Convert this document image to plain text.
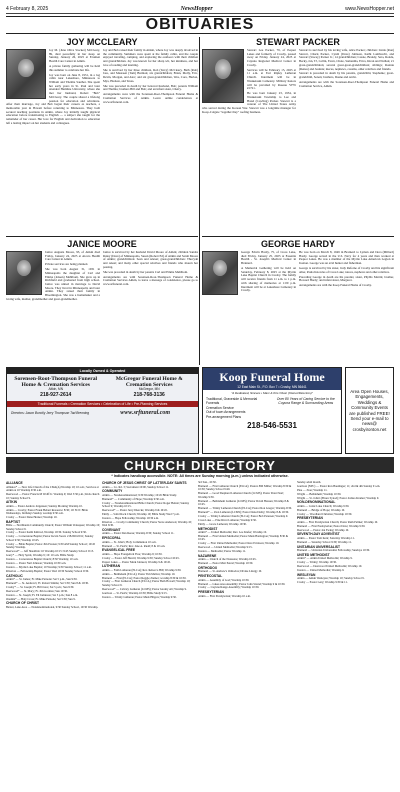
4 February 8, 2025	NewsHopper	www.NewsHopper.net
OBITUARIES
JOY MCCLEARY

Joy M. (June Olive Stocker) McCleary, 89, died peacefully in her sleep on Sunday, January 26, 2025 at Ecumen Health Care Center in Aitkin.

A private family gathering will be held this summer to celebrate her life.

Joy was born on June 8, 1931, in a log cabin near Lakeshore, Minnesota to William and Thelma Sauther. She spent her early years in St. Paul and later attended Hamline University, where she met her husband, Robert "Bob" McCleary. The couple shared a lifelong passion for education and adventure. After their marriage, Joy and Bob began their careers as teachers, a memorable year in Hawaii before returning to Minnesota. They both secured teaching positions in Aitkin, where Joy initially taught physical education before transitioning to English — a subject she taught for the remainder of her career. Her love for English and dedication to education left a lasting impact on her students and colleagues.

Joy and Bob raised their family in Aitkin, where Joy was deeply involved in the community. Summers were spent at the family cabin, and the couple enjoyed traveling, camping, and exploring the outdoors with their children and grandchildren. Joy was known for her sharp wit, her kindness, and her love of reading and learning.

She is survived by her three children, Rob (Terry) McCleary, Beth (Rob) Jaro, and Maureen (Tom) Burman; six grandchildren; Brian, Molly, Eric, Devin, Morgan, and Alec; and six great-grandchildren, Wes, Cora, Harlon, Mya, Hudson, and Tessa.

She was preceded in death by her beloved husband, Bob; parents William and Thelma; brothers Bill and Bob; and an infant sister, Cherry.

Arrangements were with the Sorensen-Root-Thompson Funeral Home & Cremation Services of Aitkin. Leave online condolences at www.srftuneral.com.

STEWART PACKER

Stewart Lee Packer, 79, of Pequot Lakes and formerly of Crosby, passed away on Friday, January 24, 2025 at Cuyuna Regional Medical Center in Crosby.

Services will be February 15, 2025 at 11 a.m. at Fort Ripley Lutheran Church. Interment will be in Wauketaski Cemetery. Military honors will be provided by Roseau VFW #1721.

He was born January 23, 1934, in Wauketaski Township to Lee and Hazel (Cowling) Packer. Stewart is a veteran of The United States Army who served during the Korean War. Stewart was a longtime manager for Koop-Colgate "together they" roofing business.

Stewart is survived by his loving wife, Alice Packer; children: Linda (Ron) Sievert, Chuck Packer, Cyndi (Dave) Johnson, Kathi Lambrecht, and Stewart (Stacey) Packer Jr.; 14 grandchildren; Cassie, Brandy, Sara, Ronda, Becky, Jan, TJ, Collin, Fawn, Chole, Samantha, Erica, Kiran and Nathan; 21 great-grandchildren; several great-great-grandchildren; siblings; Ronnie (Renea) and Jeannie; nieces, nephews, cousins, other relatives and friends.

Stewart is preceded in death by his parents, grandchild, Stephanie; great-grandchild, Sonen; brothers, Duane and Arvin.

Arrangements are with the Sorensen-Root-Thompson Funeral Home and Cremation Service, Aitkin.

JANICE MOORE

Janice Augusta Moore, 93, of Aitkin died Friday, January 24, 2025 at Aicota Health Care Center in Aitkin.

Private services are being planned.

She was born August 31, 1931 in Minneapolis the daughter of Carl and Emma (Jensen) Mehlbom. She grew up in Richfield and graduated from high school. Janice was united in marriage to David Moore. They lived in Minneapolis and later Aitkin. They raised their family in Bloomington. She was a homemaker and a loving wife, mother, grandmother and great-grandmother.

Janice is survived by her husband David Moore of Aitkin; children Sandra Ruley (Dave) of Minneapolis, Susan (Robert Ed) of Aitkin and Sarah Moore of Aitkin; grandchildren: Sean and Alexei; great-grandchildren: Thuvyah and Anasi; and many other special relatives and friends who mourn her passing.

She was preceded in death by her parents Carl and Emma Mehlbom.

Arrangements are with Sorensen-Root-Thompson Funeral Home & Cremation Services Aitkin, to leave a message of condolence, please go to www.srftuneral.com.

GEORGE HARDY

George Edwin Hardy, 75, of Cross Lake, died Friday, January 25, 2025 at Essentia Health - St. Joseph's Medical Center in Brainerd.

A Memorial Gathering will be held on Saturday, February 8, 2025 at the Myrtle Lake Baptist Church in Crosby. The family will receive friends from 11 a.m. to 1 p.m. with sharing of memories at 1:00 p.m. Interment will be at Lakeshore Cemetery in Crosby.

He was born on March 8, 1949 in Brainerd to Lyman and Dora (Millard) Hardy. George served in the U.S. Navy for 4 years and then worked at Pequot Lakes. He was a member of the Myrtle Lake American Legion in Ironton. George was an avid hunter and fisherman.

George is survived by his sister, Judy Reforne of Crosby and his significant other, Paula Knowles of Cross Lake; nieces, nephews and other relatives.

Preceding George in death are his parents; sister, Phyllis Martin; brother, Howard Hardy; and infant sister, Margaret.

Arrangements are with the Koop Funeral Home of Crosby.

Locally Owned & Operated
Sorensen-Root-Thompson Funeral Home & Cremation Services
Aitkin, MN
218-927-2614
McGregor Funeral Home & Cremation Services
McGregor, MN
218-768-3136
Traditional Funerals • Cremation Services • Celebration of Life • Pre-Planning Services
Directors: Jason Burckly Jerry Thompson Tad Brenning	www.srftuneral.com
Koop Funeral Home
12 East Main St., P.O. Box 7 • Crosby, MN 56441
"A Dedicated, Sincere • Marc & Kris Olson (Owner/Directors)"
Traditional, Graveside & Memorial Funerals
Cremation Service
Out of town Arrangements
Pre-arrangement Plans
Over 80 Years of Caring Service to the Cuyuna Range & Surrounding Areas
218-546-5531
Area Open Houses, Engagements, Weddings & Community Events are published FREE! Send your e-mail to news@ crosbyironton.net
CHURCH DIRECTORY
* Indicates handicap accessible. NOTE: All times are Sunday morning (a.m.) unless indicated otherwise.
ALLIANCE
Alliance* — New Life Church of the CMA(A) Worship 10; 10 a.m.; Services at Aitkin at 10 Worship 9:30 a.m.
Deerwood — Pastor Francis M Wolff Jr. Worship 9; Wed 5:30 p.m.; Kids church 10; Sunday School 9.
AITKIN
Aitkin — Pastor Andrew Jergensen; Sunday Morning Worship 10.
Aitkin — Crosby; Pastor Frank Hebert Resource: 8:30; 10: 8:15: Bible Wednesdays, birthdays Sunday worship 9:30 a.m.
Crosby — Pastor Dana Hecker; Worship 10.
BAPTIST
Bible — Northlands Community Church; Pastor William Velasquez; Worship 10; Sunday School 9.
Crosby — Pastor Keith Kimrod, Worship 10:30. Sunday School 9:30.
Crosby — Cornerstone Baptist; Pastor Kevin Swan: 218-820-0011; Sunday School 9:30; Worship 10:45.
Crosby — Bible Baptist; Pastor Jim Prosten; 9:30 AM Sunday School; 10:45 Sunday Worship.
Deerwood* — Jeff Shaddick: 10 Worship 10:15: 9:45 Sunday School: 9:15.
Garry* — Holy Spirit, Worship 9; 10: 10 a.m. Bible Study.
Ironton — Cornerstone Baptist Church; 8:30 Worship; 10 a.m.
Ironton — Pastor Neil Johnson; Worship 10:30 a.m.
Ironton — Myrtle Lake Baptist; 10 Worship; 9:30 Sunday School; 11 a.m.
Riverton — Fellowship Baptist; Pastor Wed 10:30 Sunday School 9:30.
CATHOLIC
Aitkin* — St. James; Fr. Mike Patnode: Sat 5 p.m., Sun 9:30.
Brainerd* — St. Andrew's; Fr. Robert Simms; Sat 5:30; Sun 8 & 10:30.
Crosby* — St. Joseph; Fr. Bill Jaros; Sat 5 p.m.; Sun 9:30.
Deerwood* — St. Mary; Fr. Jim Gorman; Sun 10:30.
Ironton — St. Joseph; Fr. Eli Jamieson; Sat 5 p.m.; Sun 8 a.m.
Onamia* — Holy Cross; Fr. Mike Patnode; Sat 5:30; Sun 9.
CHURCH OF CHRIST
Baxter, Lake Area — Nondenominational, 9:30 Sunday School, 10:30 Worship.
CHURCH OF JESUS CHRIST OF LATTER-DAY SAINTS
Aitkin — Co. Rd. 3; Sacrament 10:00, Sunday School 11.
COMMUNITY
Aitkin — Nondenominational; 9:30 Worship; 10:45 Bible Study.
Brainerd* — Community of Hope; Worship 9:30 a.m.
Crosby — Nondenominational Bible Church; Pastor Roger Heintz; Sunday School 9; Worship 10:15.
Deerwood* — Pastor Jerry Diercks; Worship 9 & 10:45.
Emily — Solid Rock Church; Worship 10; Bible Study Wed 7 p.m.
Ironton — Hope Fellowship; Worship 10:30 a.m.
Riverton — Crosby Community Church; Pastor Steve Anderson; Worship 10; Wed 6:30.
COVENANT
Aitkin — Pastor Dan Reese; Worship 9:30; Sunday School 11.
EPISCOPAL
Aitkin — St. John's; Holy Communion 10 a.m.
Brainerd — St. Paul's; Rev. Jane A. Rudd; 8 & 10 a.m.
EVANGELICAL FREE
Aitkin — Hope Evangelical Free; Worship 9; 10:30.
Crosby — Pastor Jeff Hewitt; Worship 9:30; Sunday School 10:45.
Pequot Lakes — Pastor Mark Johnson; Worship 9 & 10:45.
LUTHERAN
Aitkin — Faith Lutheran (ELCA); Rev. Rebecca Hill; Worship 9:30.
Aitkin — Bethlehem (ELCA); Pastor Tim Mallon; Worship 10.
Brainerd — First (ELCA); Pastor Reggie Ziemer; worship 8:30 & 10:30.
Crosby — First Lutheran Church (ELCA); Pastor Beth Howell; Worship 10; Sunday School 9.
Deerwood* — Calvary Lutheran (LCMS); Pastor Jeremy Alt; Worship 9.
Garrison — St. Paul's; Worship 10:30; Bible Study 9:15.
Ironton — Trinity Lutheran; Pastor Mark Hilgers; Worship 9:30.
3rd Sun., 10:30.
Brainerd — First Lutheran Church (ELCA); Pastors Bill Miller; Worship 8:30 & 10:30; Sunday School 9:40.
Brainerd — Good Shepherd Lutheran Church (LCMS); Pastor Peter Neal; Worship 9:30.
Brainerd — Bethlehem Lutheran (LCMS); Pastor David Hansen; Worship 8 & 10:45.
Brainerd — Trinity Lutheran Church (ELCA); Pastor Ron Gregor; Worship 9:30.
Brainerd* — Zion Lutheran (LCMS); Pastor Dana Darby; Worship 8 & 10:30.
Crosby — Trinity Lutheran Church (ELCA); Pastor Bob Petersen; Worship 9.
Cross Lake — Pine River Lutheran; Worship 9:30.
Emily — Grace Lutheran; Worship 10:30.
METHODIST
Aitkin* — United Methodist; Rev. Lee Kiefer; Worship 10.
Brainerd — First United Methodist; Pastor Mark Harrington; Worship 8:30 & 10:45.
Crosby — First United Methodist; Pastor Dave Erickson; Worship 10.
Deerwood — United Methodist; Worship 9:15.
Ironton — Methodist; Pastor Worship 11.
NAZARENE
Aitkin — Church of the Nazarene; Worship 10:45.
Brainerd — Pastor Matt Perzel; Worship 10:30.
ORTHODOX
Brainerd — St. Andrew's Orthodox; Divine Liturgy 10.
PENTECOSTAL
Aitkin — Assembly of God; Worship 10:30.
Brainerd — Lakes Area Assembly; Pastor John Strand; Worship 9 & 10:30.
Crosby — Cuyuna Range Assembly; Worship 10:30.
PRESBYTERIAN
Aitkin — First Presbyterian; Worship 10 a.m.
Sunday adult month.
Garrison (NPC) — Pastor Ron Baudinger; 11; 2nd & 4th Sunday 9 a.m.
Pine — Zion; Worship 11.
Wright — Bethlehem; Worship 10:30.
Wright — St. John's (Bruce Synod); Pastor Joshua Kramer; Worship 9.
NON-DENOMINATIONAL
Aitkin — Cedar Lake Church; Worship 9:30.
Brainerd — Bridge of Hope; Worship 10.
Crosby — Woodland Christian; Worship 10:30.
PRESBYTERIAN
Aitkin — First Presbyterian Church; Pastor Ruth Palmer; Worship 10.
Brainerd — First Presbyterian; Pastor Dave; Worship 9:30.
Deerwood — Pastor Jen Ewing; Worship 10.
SEVENTH-DAY ADVENTIST
Aitkin — Pastor Tom Kent; Saturday Worship 11.
Brainerd — Saturday School 9:30; Worship 11.
UNITARIAN UNIVERSALIST
Brainerd — Unitarian Universalist Fellowship; Sundays 10:30.
UNITED METHODIST
Aitkin* — Aitkin United Methodist; Worship 9.
Crosby — Trinity; Worship 10:30.
Deerwood — Deerwood United Methodist; Worship 10.
Ironton — United Methodist; Worship 9.
WESLEYAN
Aitkin — Aitkin Wesleyan; Worship 10; Sunday School 9.
Crosby — Pastor Gary; Worship 9:30 & 11.
